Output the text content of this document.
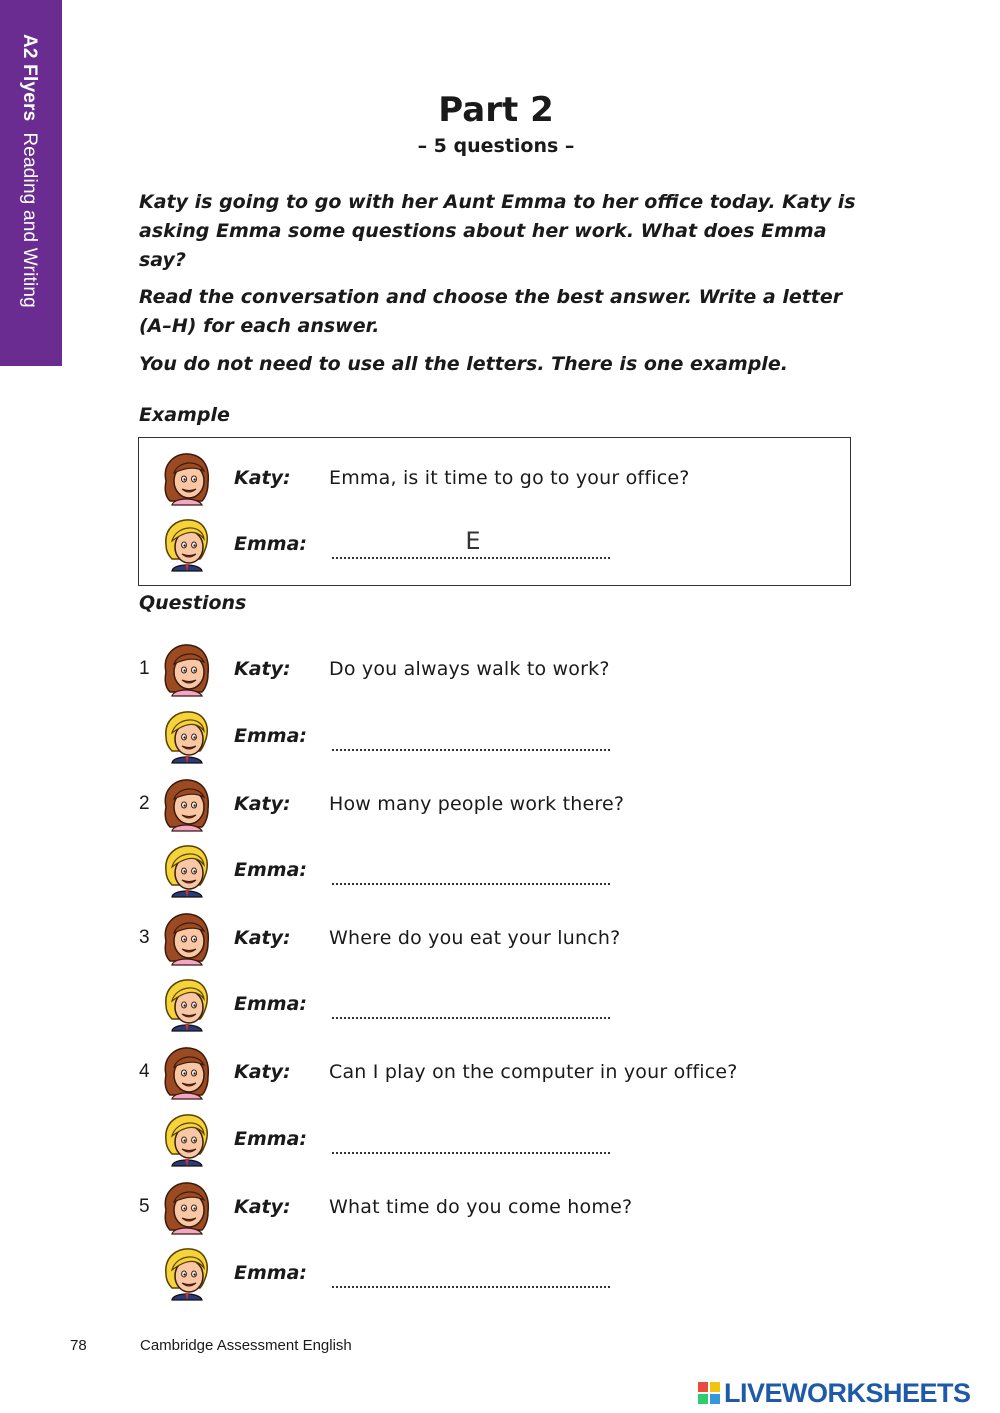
A2 Flyers  Reading and Writing
Part 2
– 5 questions –

Katy is going to go with her Aunt Emma to her office today. Katy is asking Emma some questions about her work. What does Emma say?

Read the conversation and choose the best answer. Write a letter (A–H) for each answer.

You do not need to use all the letters. There is one example.

Example
Katy: Emma, is it time to go to your office?
Emma:
E
Questions
1	Katy: Do you always walk to work?
Emma:
2	Katy: How many people work there?
Emma:
3	Katy: Where do you eat your lunch?
Emma:
4	Katy: Can I play on the computer in your office?
Emma:
5	Katy: What time do you come home?
Emma:
78	Cambridge Assessment English
LIVEWORKSHEETS
